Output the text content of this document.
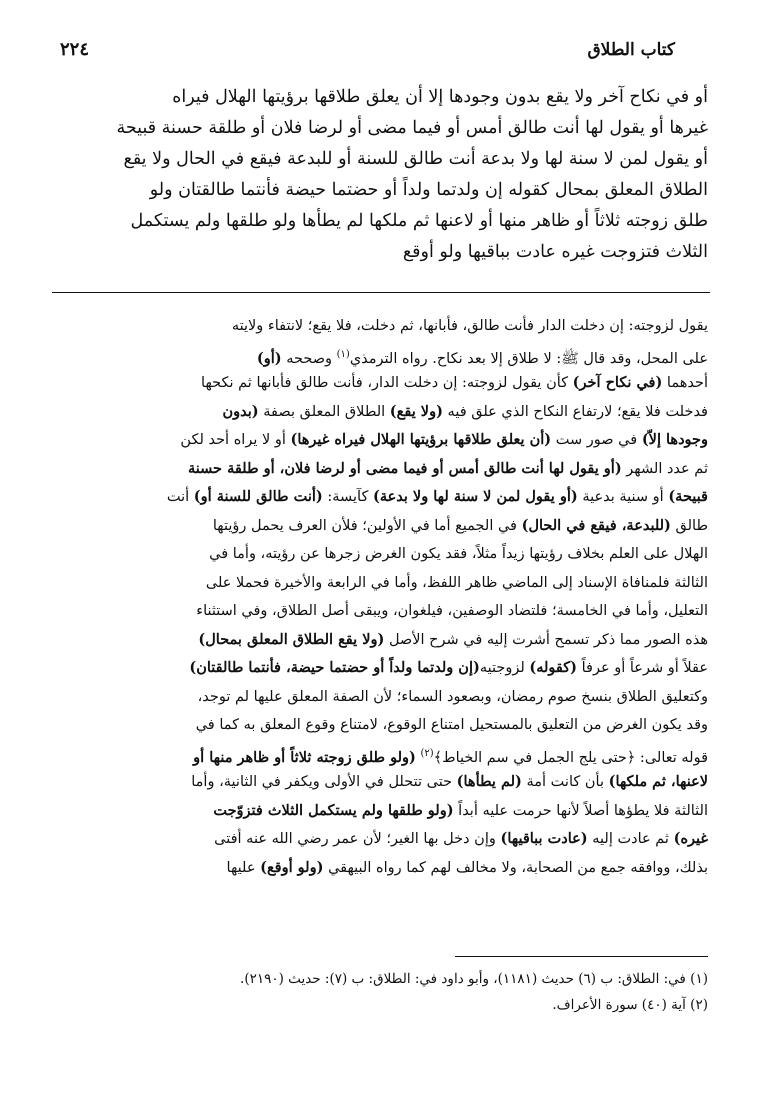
كتاب الطلاق
٢٢٤
أو في نكاح آخر ولا يقع بدون وجودها إلا أن يعلق طلاقها برؤيتها الهلال فيراه
غيرها أو يقول لها أنت طالق أمس أو فيما مضى أو لرضا فلان أو طلقة حسنة قبيحة
أو يقول لمن لا سنة لها ولا بدعة أنت طالق للسنة أو للبدعة فيقع في الحال ولا يقع
الطلاق المعلق بمحال كقوله إن ولدتما ولداً أو حضتما حيضة فأنتما طالقتان ولو
طلق زوجته ثلاثاً أو ظاهر منها أو لاعنها ثم ملكها لم يطأها ولو طلقها ولم يستكمل
الثلاث فتزوجت غيره عادت بباقيها ولو أوقع
يقول لزوجته: إن دخلت الدار فأنت طالق، فأبانها، ثم دخلت، فلا يقع؛ لانتفاء ولايته
على المحل، وقد قال ﷺ: لا طلاق إلا بعد نكاح. رواه الترمذي$^{(١)}$ وصححه (أو)
أحدهما (في نكاح آخر) كأن يقول لزوجته: إن دخلت الدار، فأنت طالق فأبانها ثم نكحها
فدخلت فلا يقع؛ لارتفاع النكاح الذي علق فيه (ولا يقع) الطلاق المعلق بصفة (بدون
وجودها إلاّ) في صور ست (أن يعلق طلاقها برؤيتها الهلال فيراه غيرها) أو لا يراه أحد لكن
ثم عدد الشهر (أو يقول لها أنت طالق أمس أو فيما مضى أو لرضا فلان، أو طلقة حسنة
قبيحة) أو سنية بدعية (أو يقول لمن لا سنة لها ولا بدعة) كآيسة: (أنت طالق للسنة أو) أنت
طالق (للبدعة، فيقع في الحال) في الجميع أما في الأولين؛ فلأن العرف يحمل رؤيتها
الهلال على العلم بخلاف رؤيتها زيداً مثلاً، فقد يكون الغرض زجرها عن رؤيته، وأما في
الثالثة فلمنافاة الإسناد إلى الماضي ظاهر اللفظ، وأما في الرابعة والأخيرة فحملا على
التعليل، وأما في الخامسة؛ فلتضاد الوصفين، فيلغوان، ويبقى أصل الطلاق، وفي استثناء
هذه الصور مما ذكر تسمح أشرت إليه في شرح الأصل (ولا يقع الطلاق المعلق بمحال)
عقلاً أو شرعاً أو عرفاً (كقوله) لزوجتيه(إن ولدتما ولداً أو حضتما حيضة، فأنتما طالقتان)
وكتعليق الطلاق بنسخ صوم رمضان، وبصعود السماء؛ لأن الصفة المعلق عليها لم توجد،
وقد يكون الغرض من التعليق بالمستحيل امتناع الوقوع، لامتناع وقوع المعلق به كما في
قوله تعالى: ﴿حتى يلج الجمل في سم الخياط﴾$^{(٢)}$ (ولو طلق زوجته ثلاثاً أو ظاهر منها أو
لاعنها، ثم ملكها) بأن كانت أمة (لم يطأها) حتى تتحلل في الأولى ويكفر في الثانية، وأما
الثالثة فلا يطؤها أصلاً لأنها حرمت عليه أبداً (ولو طلقها ولم يستكمل الثلاث فتزوّجت
غيره) ثم عادت إليه (عادت بباقيها) وإن دخل بها الغير؛ لأن عمر رضي الله عنه أفتى
بذلك، ووافقه جمع من الصحابة، ولا مخالف لهم كما رواه البيهقي (ولو أوقع) عليها
(١) في: الطلاق: ب (٦) حديث (١١٨١)، وأبو داود في: الطلاق: ب (٧): حديث (٢١٩٠).
(٢) آية (٤٠) سورة الأعراف.
